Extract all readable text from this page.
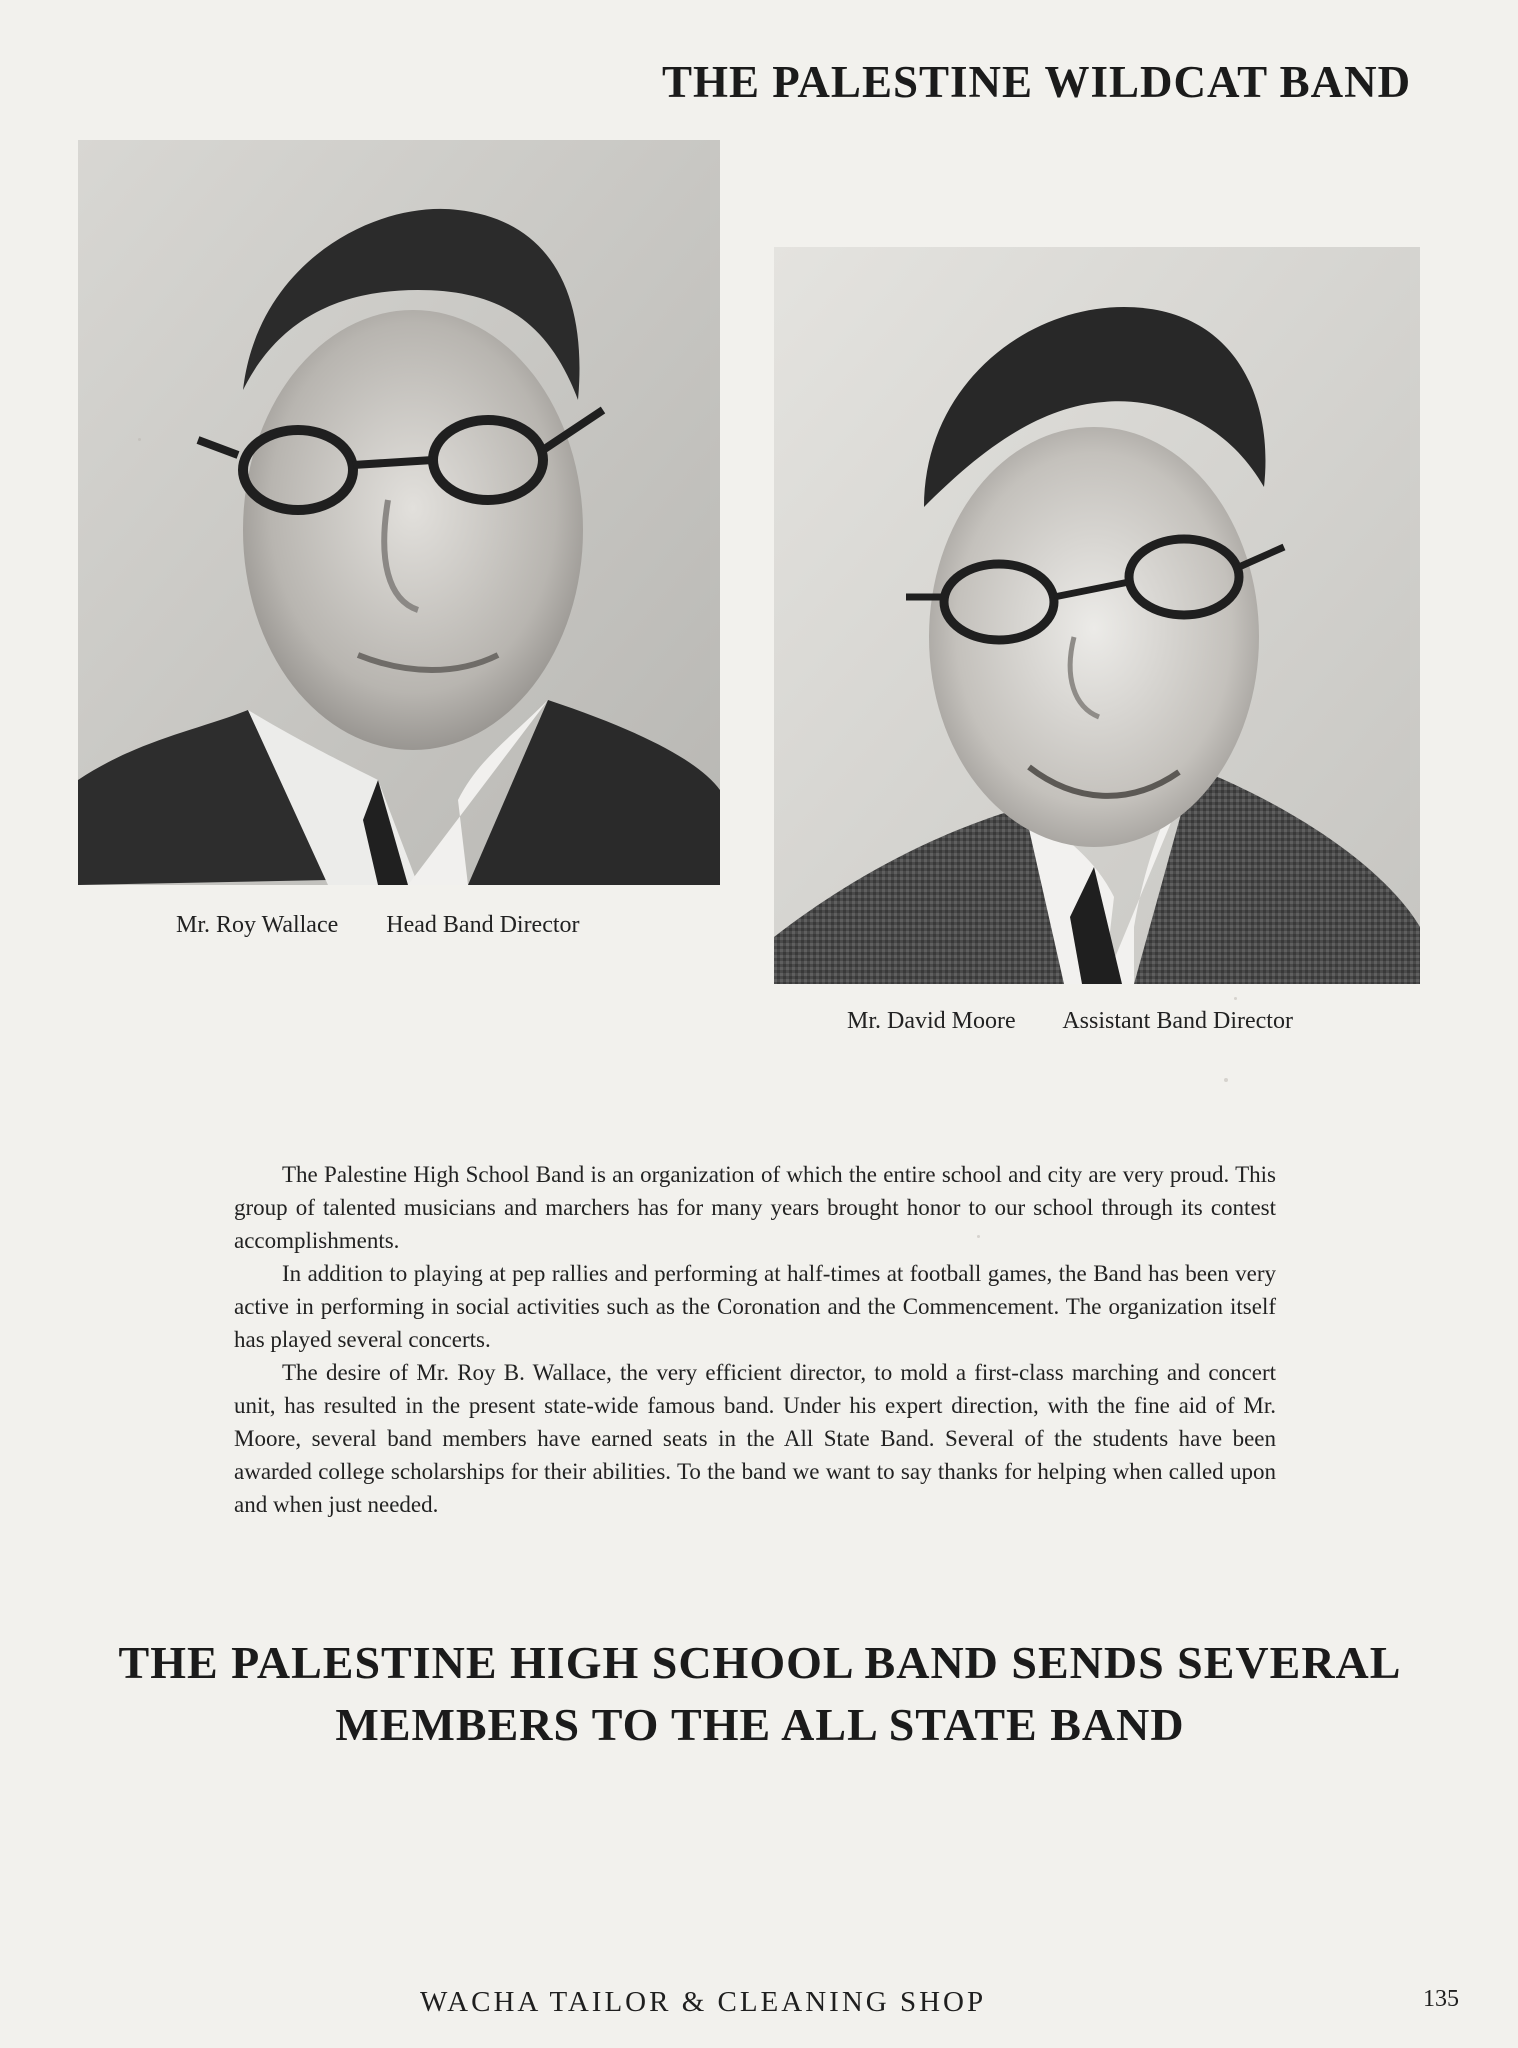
THE PALESTINE WILDCAT BAND
Mr. Roy Wallace Head Band Director
Mr. David Moore Assistant Band Director

The Palestine High School Band is an organization of which the entire school and city are very proud. This group of talented musicians and marchers has for many years brought honor to our school through its contest accomplishments.

In addition to playing at pep rallies and performing at half-times at football games, the Band has been very active in performing in social activities such as the Coronation and the Commencement. The organization itself has played several concerts.

The desire of Mr. Roy B. Wallace, the very efficient director, to mold a first-class marching and concert unit, has resulted in the present state-wide famous band. Under his expert direction, with the fine aid of Mr. Moore, several band members have earned seats in the All State Band. Several of the students have been awarded college scholarships for their abilities. To the band we want to say thanks for helping when called upon and when just needed.

THE PALESTINE HIGH SCHOOL BAND SENDS SEVERAL
MEMBERS TO THE ALL STATE BAND
WACHA TAILOR & CLEANING SHOP	135
